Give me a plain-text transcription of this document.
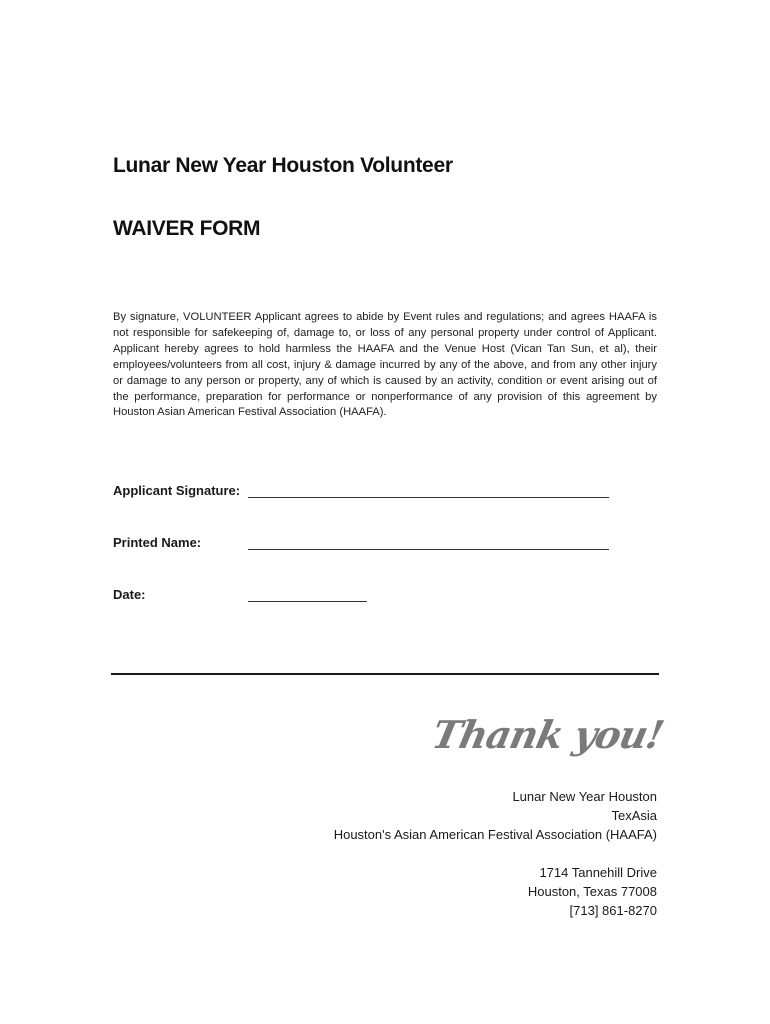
Lunar New Year Houston Volunteer
WAIVER FORM

By signature, VOLUNTEER Applicant agrees to abide by Event rules and regulations; and agrees HAAFA is not responsible for safekeeping of, damage to, or loss of any personal property under control of Applicant. Applicant hereby agrees to hold harmless the HAAFA and the Venue Host (Vican Tan Sun, et al), their employees/volunteers from all cost, injury & damage incurred by any of the above, and from any other injury or damage to any person or property, any of which is caused by an activity, condition or event arising out of the performance, preparation for performance or nonperformance of any provision of this agreement by Houston Asian American Festival Association (HAAFA).

Applicant Signature:
Printed Name:
Date:
Thank you!
Lunar New Year Houston
TexAsia
Houston's Asian American Festival Association (HAAFA)
1714 Tannehill Drive
Houston, Texas 77008
[713] 861-8270
